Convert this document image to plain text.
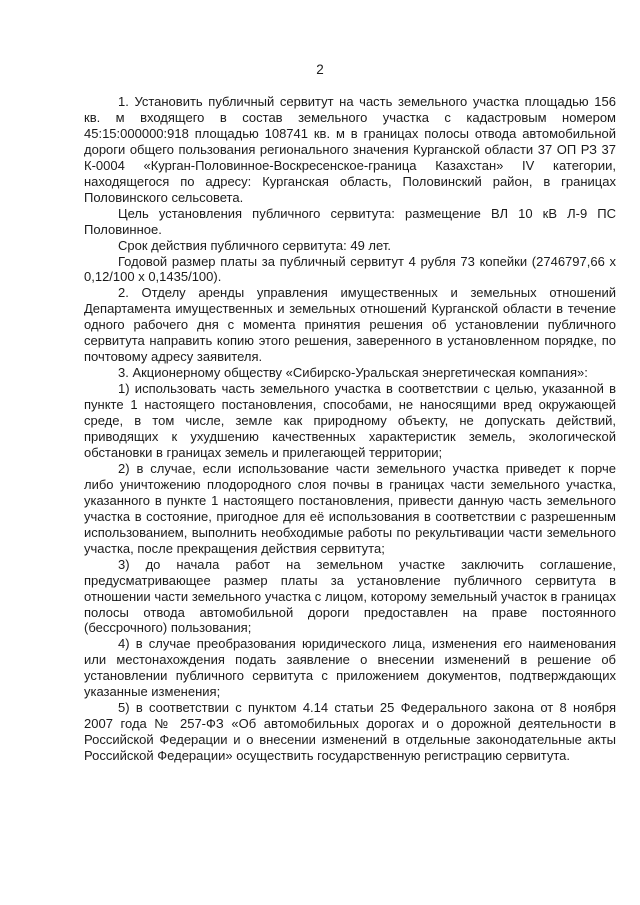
2

1. Установить публичный сервитут на часть земельного участка площадью 156 кв. м входящего в состав земельного участка с кадастровым номером 45:15:000000:918 площадью 108741 кв. м в границах полосы отвода автомобильной дороги общего пользования регионального значения Курганской области 37 ОП РЗ 37 К-0004 «Курган-Половинное-Воскресенское-граница Казахстан» IV категории, находящегося по адресу: Курганская область, Половинский район, в границах Половинского сельсовета.

Цель установления публичного сервитута: размещение ВЛ 10 кВ Л-9 ПС Половинное.

Срок действия публичного сервитута: 49 лет.

Годовой размер платы за публичный сервитут 4 рубля 73 копейки (2746797,66 х 0,12/100 х 0,1435/100).

2. Отделу аренды управления имущественных и земельных отношений Департамента имущественных и земельных отношений Курганской области в течение одного рабочего дня с момента принятия решения об установлении публичного сервитута направить копию этого решения, заверенного в установленном порядке, по почтовому адресу заявителя.

3. Акционерному обществу «Сибирско-Уральская энергетическая компания»:

1) использовать часть земельного участка в соответствии с целью, указанной в пункте 1 настоящего постановления, способами, не наносящими вред окружающей среде, в том числе, земле как природному объекту, не допускать действий, приводящих к ухудшению качественных характеристик земель, экологической обстановки в границах земель и прилегающей территории;

2) в случае, если использование части земельного участка приведет к порче либо уничтожению плодородного слоя почвы в границах части земельного участка, указанного в пункте 1 настоящего постановления, привести данную часть земельного участка в состояние, пригодное для её использования в соответствии с разрешенным использованием, выполнить необходимые работы по рекультивации части земельного участка, после прекращения действия сервитута;

3) до начала работ на земельном участке заключить соглашение, предусматривающее размер платы за установление публичного сервитута в отношении части земельного участка с лицом, которому земельный участок в границах полосы отвода автомобильной дороги предоставлен на праве постоянного (бессрочного) пользования;

4) в случае преобразования юридического лица, изменения его наименования или местонахождения подать заявление о внесении изменений в решение об установлении публичного сервитута с приложением документов, подтверждающих указанные изменения;

5) в соответствии с пунктом 4.14 статьи 25 Федерального закона от 8 ноября 2007 года № 257-ФЗ «Об автомобильных дорогах и о дорожной деятельности в Российской Федерации и о внесении изменений в отдельные законодательные акты Российской Федерации» осуществить государственную регистрацию сервитута.
